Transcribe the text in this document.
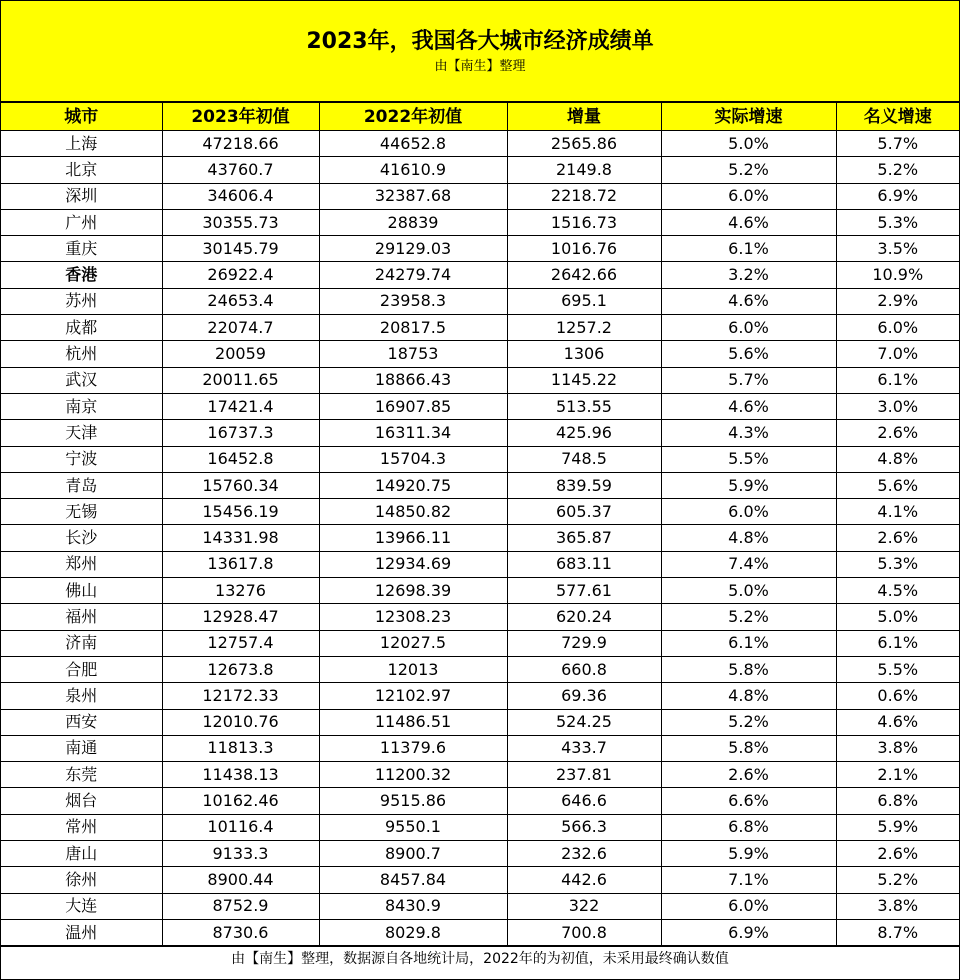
2023年，我国各大城市经济成绩单
由【南生】整理
城市	2023年初值	2022年初值	增量	实际增速	名义增速
上海	47218.66	44652.8	2565.86	5.0%	5.7%
北京	43760.7	41610.9	2149.8	5.2%	5.2%
深圳	34606.4	32387.68	2218.72	6.0%	6.9%
广州	30355.73	28839	1516.73	4.6%	5.3%
重庆	30145.79	29129.03	1016.76	6.1%	3.5%
香港	26922.4	24279.74	2642.66	3.2%	10.9%
苏州	24653.4	23958.3	695.1	4.6%	2.9%
成都	22074.7	20817.5	1257.2	6.0%	6.0%
杭州	20059	18753	1306	5.6%	7.0%
武汉	20011.65	18866.43	1145.22	5.7%	6.1%
南京	17421.4	16907.85	513.55	4.6%	3.0%
天津	16737.3	16311.34	425.96	4.3%	2.6%
宁波	16452.8	15704.3	748.5	5.5%	4.8%
青岛	15760.34	14920.75	839.59	5.9%	5.6%
无锡	15456.19	14850.82	605.37	6.0%	4.1%
长沙	14331.98	13966.11	365.87	4.8%	2.6%
郑州	13617.8	12934.69	683.11	7.4%	5.3%
佛山	13276	12698.39	577.61	5.0%	4.5%
福州	12928.47	12308.23	620.24	5.2%	5.0%
济南	12757.4	12027.5	729.9	6.1%	6.1%
合肥	12673.8	12013	660.8	5.8%	5.5%
泉州	12172.33	12102.97	69.36	4.8%	0.6%
西安	12010.76	11486.51	524.25	5.2%	4.6%
南通	11813.3	11379.6	433.7	5.8%	3.8%
东莞	11438.13	11200.32	237.81	2.6%	2.1%
烟台	10162.46	9515.86	646.6	6.6%	6.8%
常州	10116.4	9550.1	566.3	6.8%	5.9%
唐山	9133.3	8900.7	232.6	5.9%	2.6%
徐州	8900.44	8457.84	442.6	7.1%	5.2%
大连	8752.9	8430.9	322	6.0%	3.8%
温州	8730.6	8029.8	700.8	6.9%	8.7%
由【南生】整理，数据源自各地统计局，2022年的为初值，未采用最终确认数值
